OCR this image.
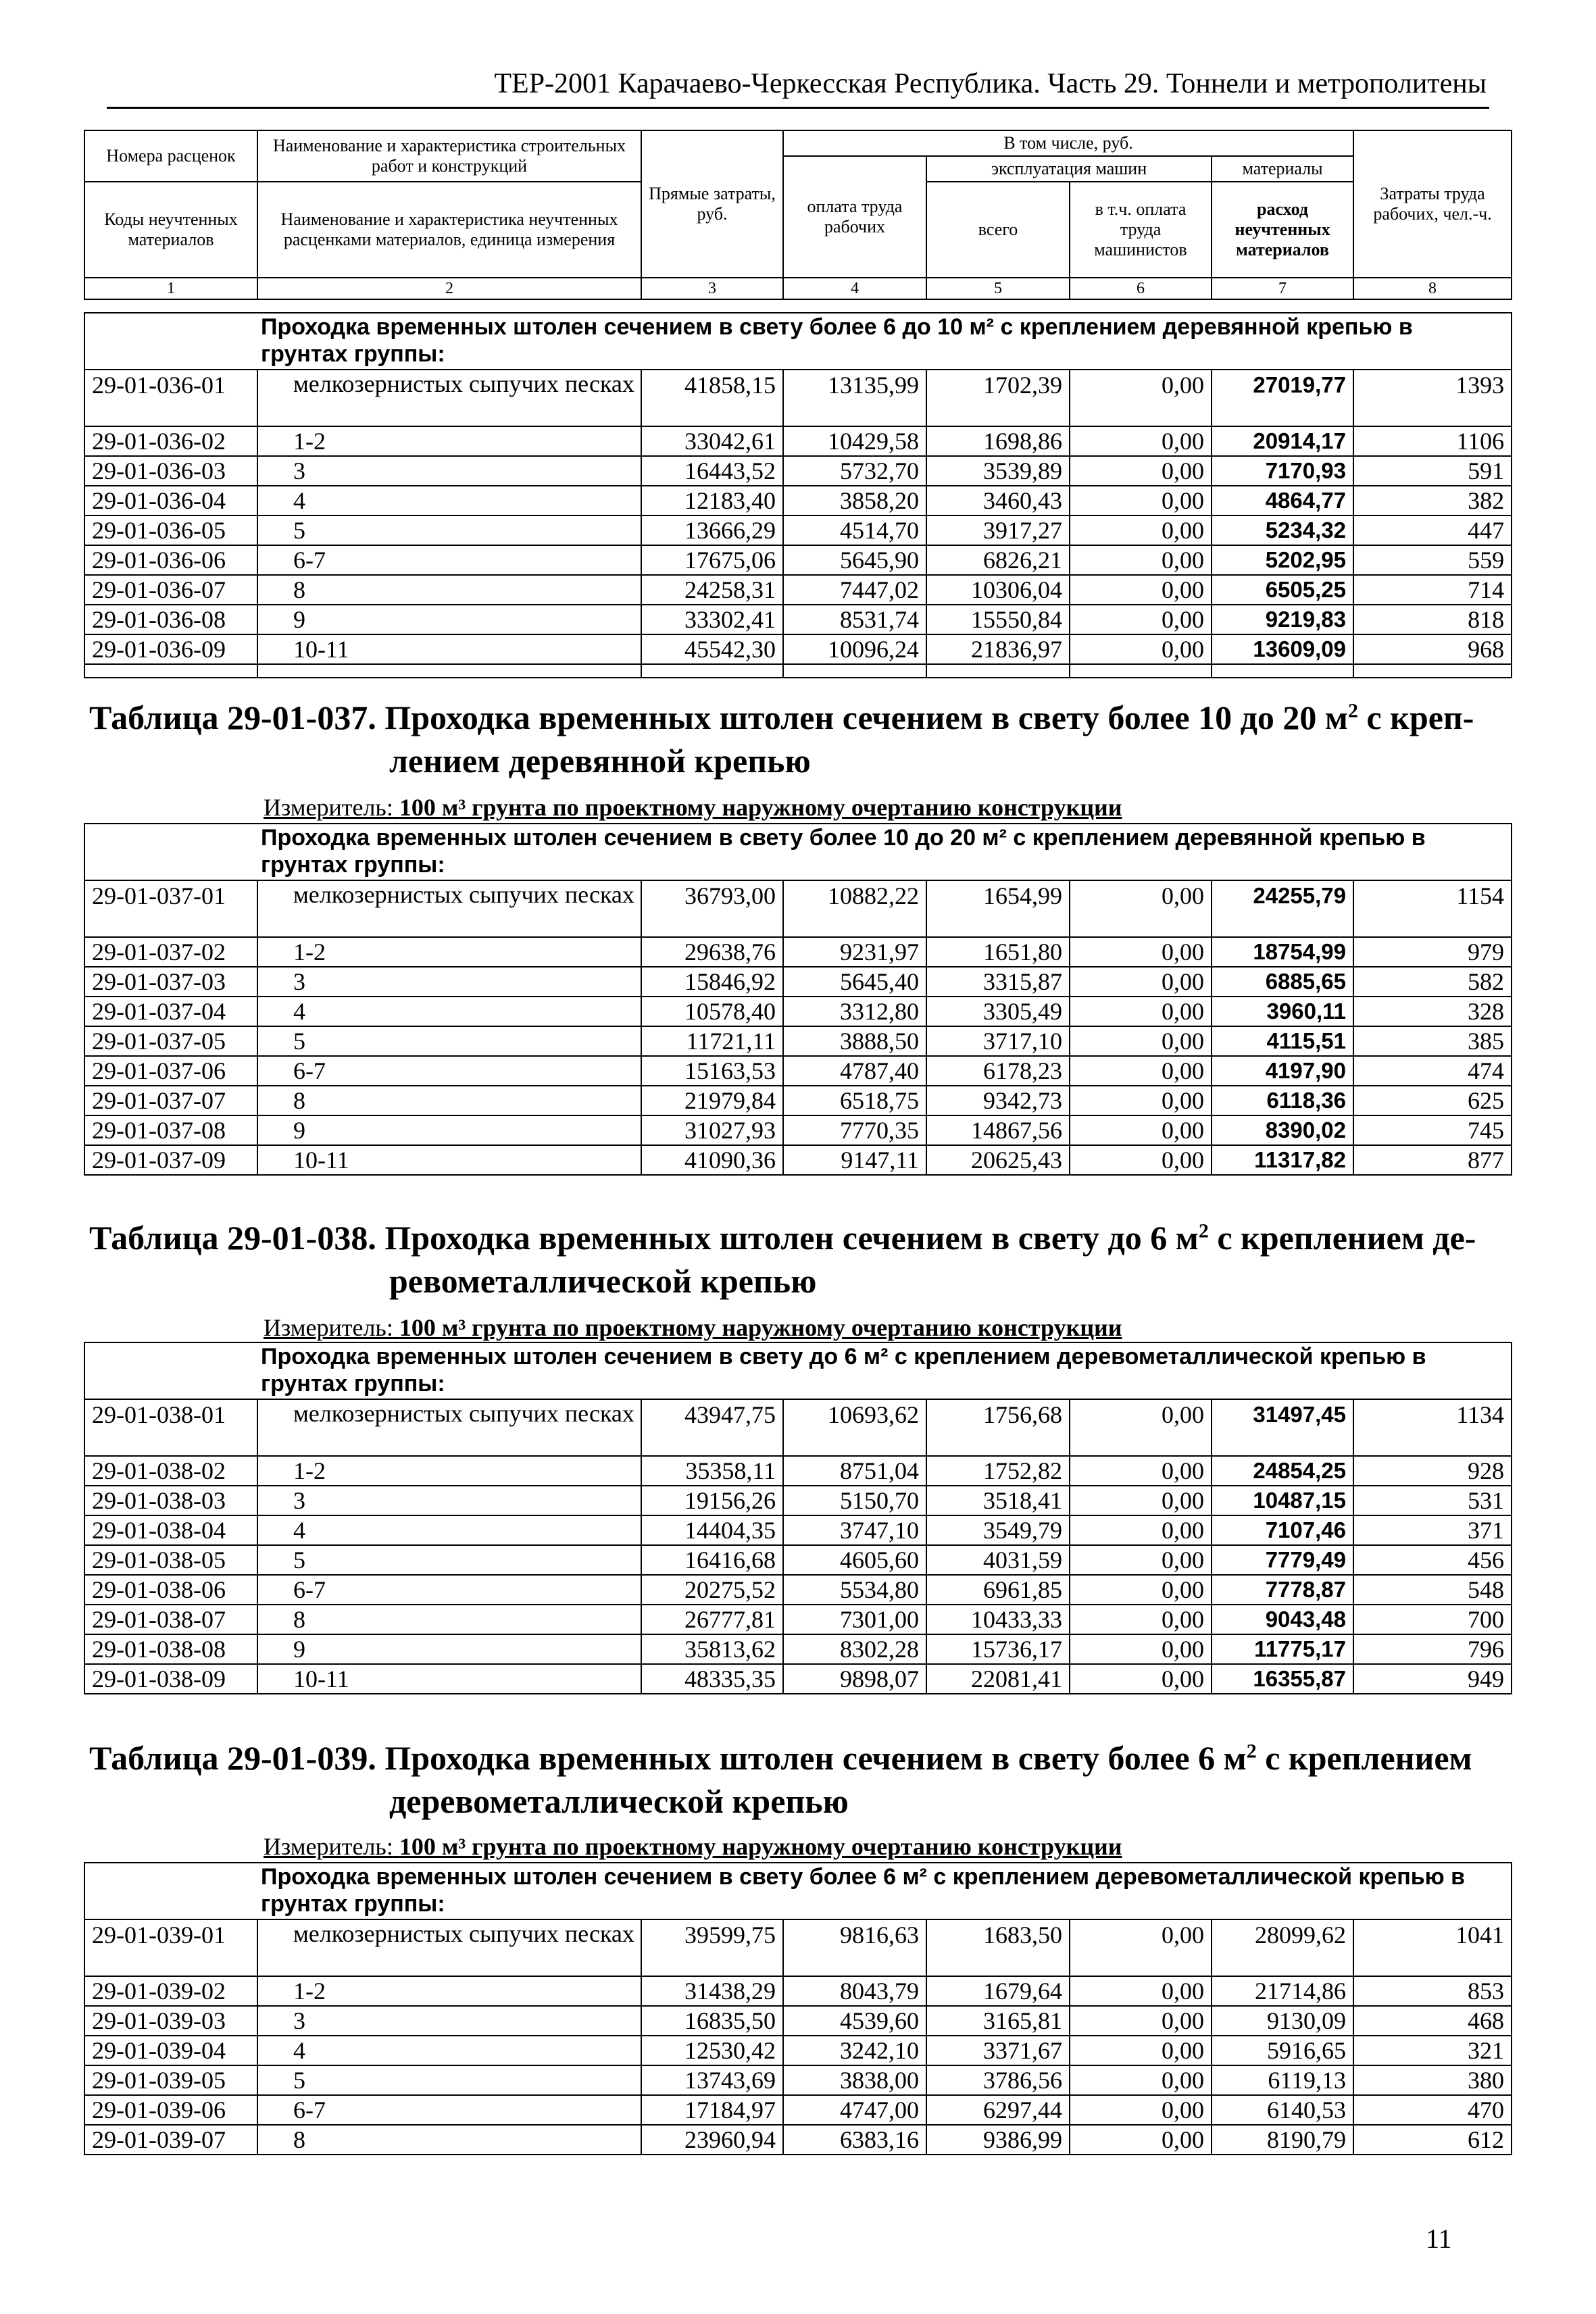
ТЕР-2001 Карачаево-Черкесская Республика. Часть 29. Тоннели и метрополитены
Номера расценок	Наименование и характеристика строительных работ и конструкций	Прямые затраты, руб.	В том числе, руб.				Затраты труда рабочих, чел.-ч.
			оплата труда рабочих	эксплуатация машин		материалы	
Коды неучтенных материалов	Наименование и характеристика неучтенных расценками материалов, единица измерения			всего	в т.ч. оплата труда машинистов	расход неучтенных материалов	

1	2	3	4	5	6	7	8
Проходка временных штолен сечением в свету более 6 до 10 м² с креплением деревянной крепью в грунтах группы:							
29-01-036-01	мелкозернистых сыпучих песках	41858,15	13135,99	1702,39	0,00	27019,77	1393
29-01-036-02	1-2	33042,61	10429,58	1698,86	0,00	20914,17	1106
29-01-036-03	3	16443,52	5732,70	3539,89	0,00	7170,93	591
29-01-036-04	4	12183,40	3858,20	3460,43	0,00	4864,77	382
29-01-036-05	5	13666,29	4514,70	3917,27	0,00	5234,32	447
29-01-036-06	6-7	17675,06	5645,90	6826,21	0,00	5202,95	559
29-01-036-07	8	24258,31	7447,02	10306,04	0,00	6505,25	714
29-01-036-08	9	33302,41	8531,74	15550,84	0,00	9219,83	818
29-01-036-09	10-11	45542,30	10096,24	21836,97	0,00	13609,09	968

Таблица 29-01-037. Проходка временных штолен сечением в свету более 10 до 20 $м^2$ с креп-
лением деревянной крепью
Измеритель: 100 м³ грунта по проектному наружному очертанию конструкции
Проходка временных штолен сечением в свету более 10 до 20 м² с креплением деревянной крепью в грунтах группы:							
29-01-037-01	мелкозернистых сыпучих песках	36793,00	10882,22	1654,99	0,00	24255,79	1154
29-01-037-02	1-2	29638,76	9231,97	1651,80	0,00	18754,99	979
29-01-037-03	3	15846,92	5645,40	3315,87	0,00	6885,65	582
29-01-037-04	4	10578,40	3312,80	3305,49	0,00	3960,11	328
29-01-037-05	5	11721,11	3888,50	3717,10	0,00	4115,51	385
29-01-037-06	6-7	15163,53	4787,40	6178,23	0,00	4197,90	474
29-01-037-07	8	21979,84	6518,75	9342,73	0,00	6118,36	625
29-01-037-08	9	31027,93	7770,35	14867,56	0,00	8390,02	745
29-01-037-09	10-11	41090,36	9147,11	20625,43	0,00	11317,82	877
Таблица 29-01-038. Проходка временных штолен сечением в свету до 6 $м^2$ с креплением де-
ревометаллической крепью
Измеритель: 100 м³ грунта по проектному наружному очертанию конструкции
Проходка временных штолен сечением в свету до 6 м² с креплением деревометаллической крепью в грунтах группы:							
29-01-038-01	мелкозернистых сыпучих песках	43947,75	10693,62	1756,68	0,00	31497,45	1134
29-01-038-02	1-2	35358,11	8751,04	1752,82	0,00	24854,25	928
29-01-038-03	3	19156,26	5150,70	3518,41	0,00	10487,15	531
29-01-038-04	4	14404,35	3747,10	3549,79	0,00	7107,46	371
29-01-038-05	5	16416,68	4605,60	4031,59	0,00	7779,49	456
29-01-038-06	6-7	20275,52	5534,80	6961,85	0,00	7778,87	548
29-01-038-07	8	26777,81	7301,00	10433,33	0,00	9043,48	700
29-01-038-08	9	35813,62	8302,28	15736,17	0,00	11775,17	796
29-01-038-09	10-11	48335,35	9898,07	22081,41	0,00	16355,87	949
Таблица 29-01-039. Проходка временных штолен сечением в свету более 6 $м^2$ с креплением
деревометаллической крепью
Измеритель: 100 м³ грунта по проектному наружному очертанию конструкции
Проходка временных штолен сечением в свету более 6 м² с креплением деревометаллической крепью в грунтах группы:							
29-01-039-01	мелкозернистых сыпучих песках	39599,75	9816,63	1683,50	0,00	28099,62	1041
29-01-039-02	1-2	31438,29	8043,79	1679,64	0,00	21714,86	853
29-01-039-03	3	16835,50	4539,60	3165,81	0,00	9130,09	468
29-01-039-04	4	12530,42	3242,10	3371,67	0,00	5916,65	321
29-01-039-05	5	13743,69	3838,00	3786,56	0,00	6119,13	380
29-01-039-06	6-7	17184,97	4747,00	6297,44	0,00	6140,53	470
29-01-039-07	8	23960,94	6383,16	9386,99	0,00	8190,79	612
11
